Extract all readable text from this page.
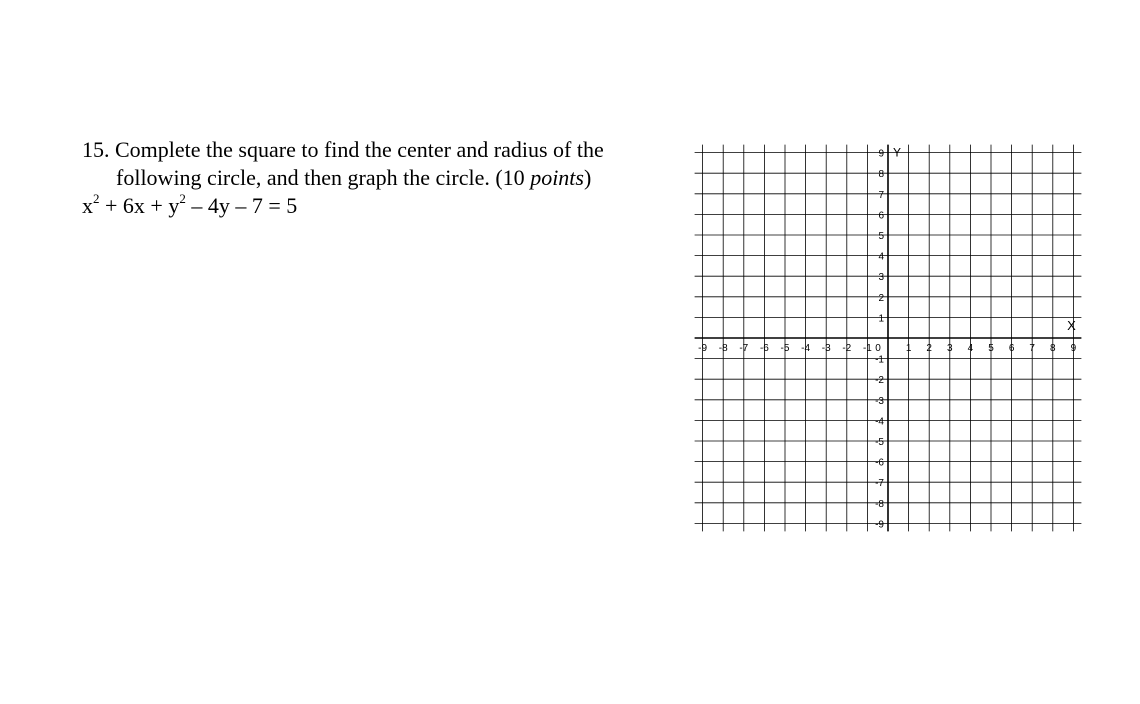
15. Complete the square to find the center and radius of the
following circle, and then graph the circle. (10 points)
$x^2 + 6x + y^2 - 4y - 7 = 5$
-9 -8 -7 -6 -5 -4 -3 -2 -1 0	1 2 3 4 5 6 7 8 9
9
8
7
6
5
4
3
2
1
-1
-2
-3
-4
-5
-6
-7
-8
-9
X
Y
